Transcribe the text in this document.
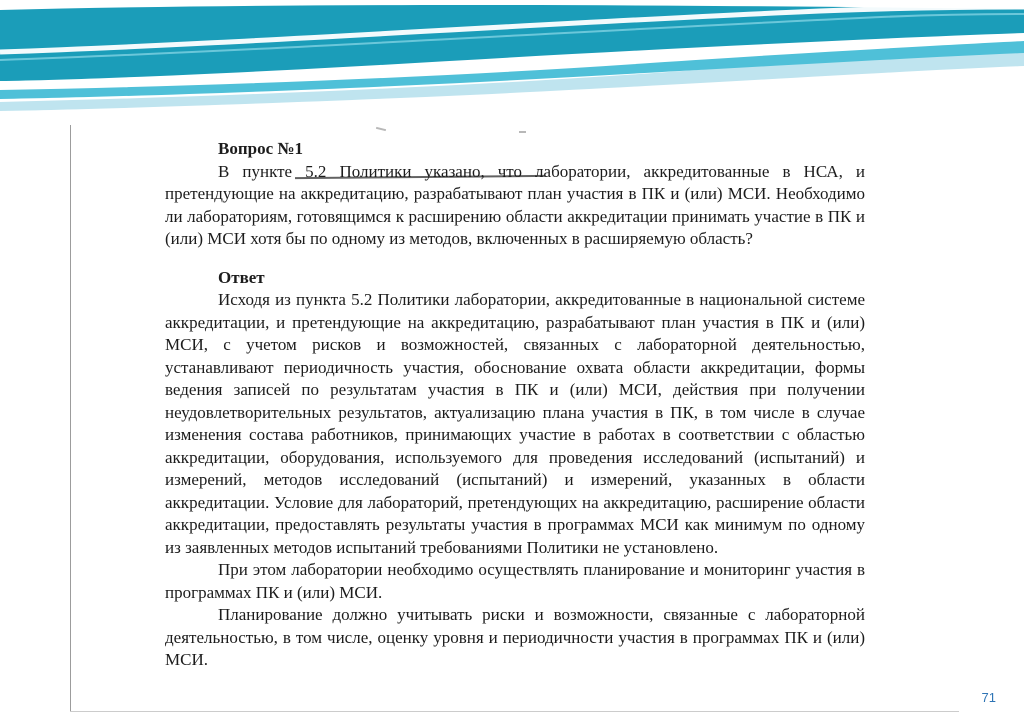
Вопрос №1

В пункте 5.2 Политики указано, что лаборатории, аккредитованные в НСА, и претендующие на аккредитацию, разрабатывают план участия в ПК и (или) МСИ. Необходимо ли лабораториям, готовящимся к расширению области аккредитации принимать участие в ПК и (или) МСИ хотя бы по одному из методов, включенных в расширяемую область?

Ответ

Исходя из пункта 5.2 Политики лаборатории, аккредитованные в национальной системе аккредитации, и претендующие на аккредитацию, разрабатывают план участия в ПК и (или) МСИ, с учетом рисков и возможностей, связанных с лабораторной деятельностью, устанавливают периодичность участия, обоснование охвата области аккредитации, формы ведения записей по результатам участия в ПК и (или) МСИ, действия при получении неудовлетворительных результатов, актуализацию плана участия в ПК, в том числе в случае изменения состава работников, принимающих участие в работах в соответствии с областью аккредитации, оборудования, используемого для проведения исследований (испытаний) и измерений, методов исследований (испытаний) и измерений, указанных в области аккредитации. Условие для лабораторий, претендующих на аккредитацию, расширение области аккредитации, предоставлять результаты участия в программах МСИ как минимум по одному из заявленных методов испытаний требованиями Политики не установлено.

При этом лаборатории необходимо осуществлять планирование и мониторинг участия в программах ПК и (или) МСИ.

Планирование должно учитывать риски и возможности, связанные с лабораторной деятельностью, в том числе, оценку уровня и периодичности участия в программах ПК и (или) МСИ.

71
